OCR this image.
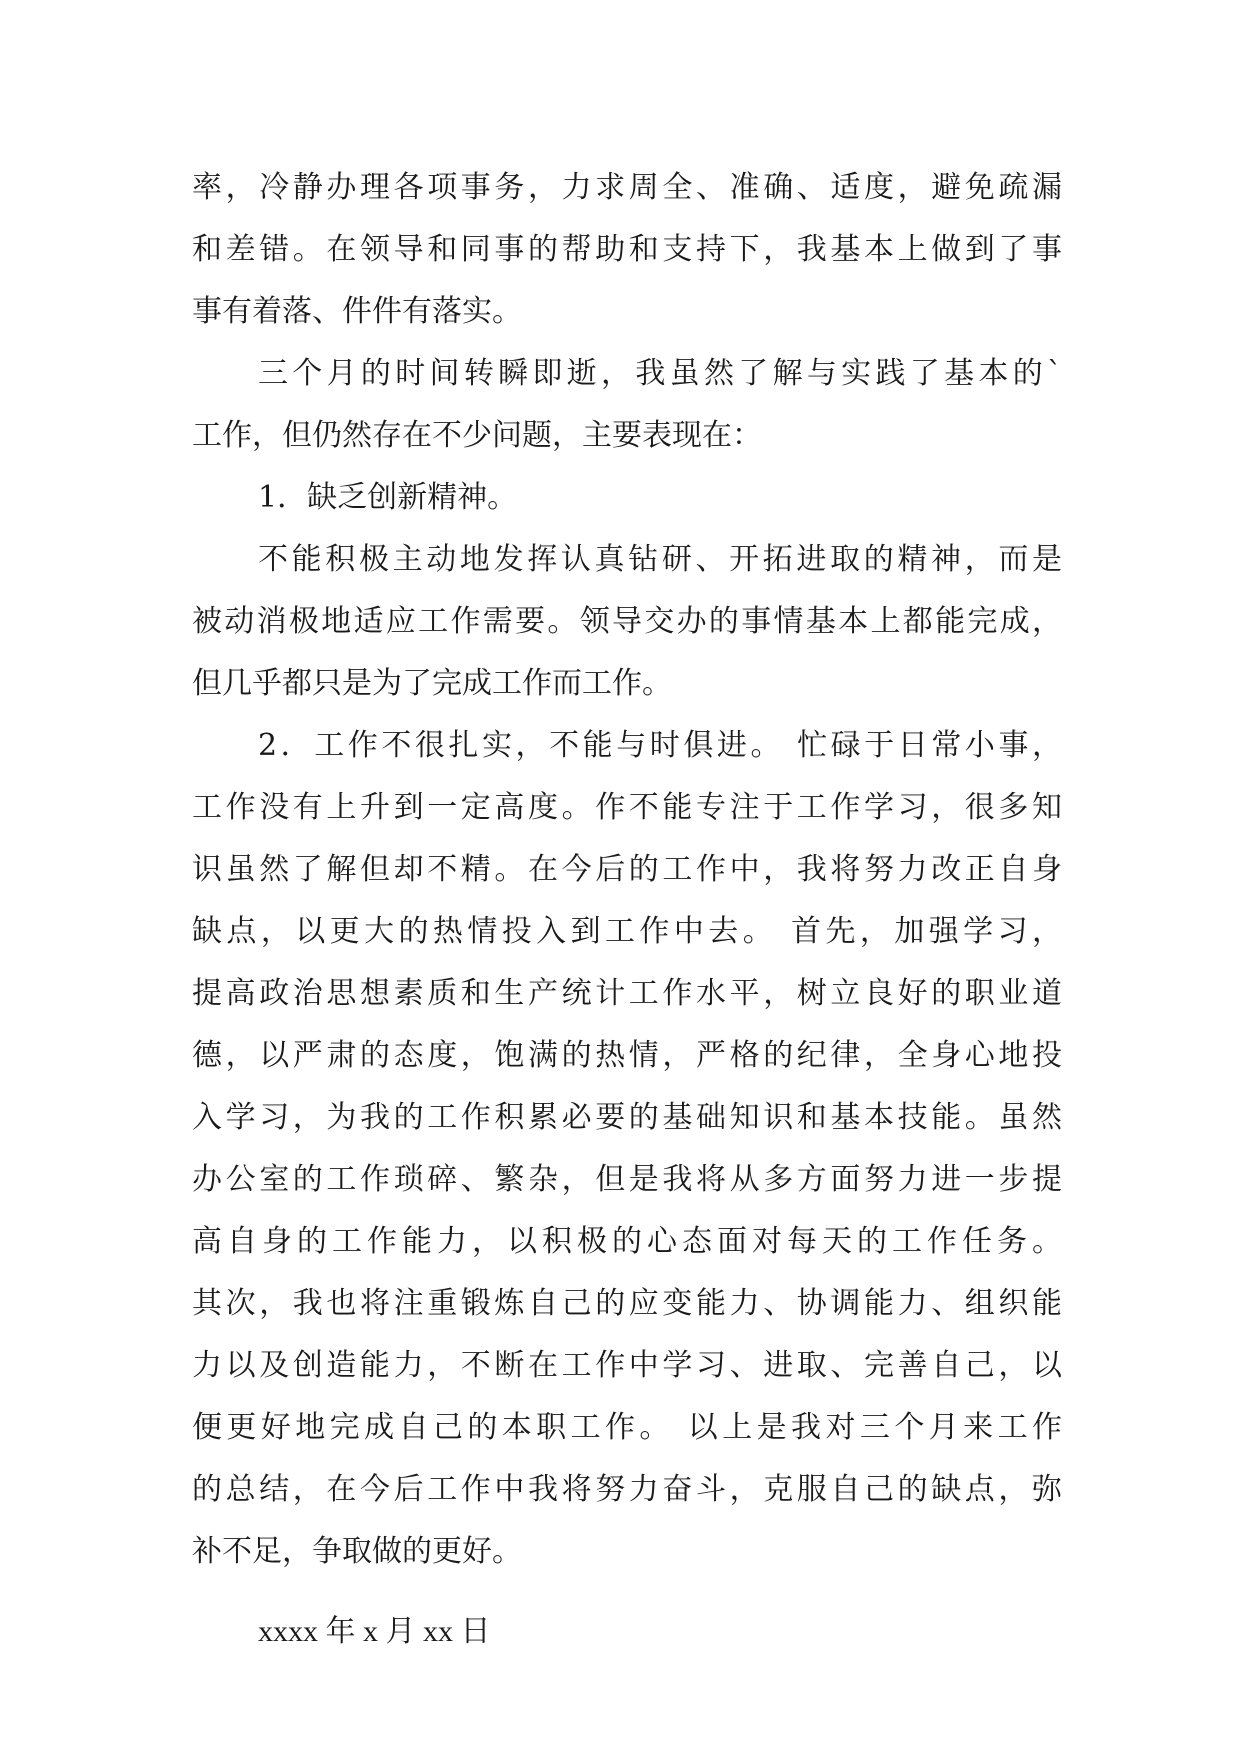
率，冷静办理各项事务，力求周全、准确、适度，避免疏漏
和差错。在领导和同事的帮助和支持下，我基本上做到了事
事有着落、件件有落实。
三个月的时间转瞬即逝，我虽然了解与实践了基本的`
工作，但仍然存在不少问题，主要表现在：
1．缺乏创新精神。
不能积极主动地发挥认真钻研、开拓进取的精神，而是
被动消极地适应工作需要。领导交办的事情基本上都能完成，
但几乎都只是为了完成工作而工作。
2．工作不很扎实，不能与时俱进。 忙碌于日常小事，
工作没有上升到一定高度。作不能专注于工作学习，很多知
识虽然了解但却不精。在今后的工作中，我将努力改正自身
缺点，以更大的热情投入到工作中去。 首先，加强学习，
提高政治思想素质和生产统计工作水平，树立良好的职业道
德，以严肃的态度，饱满的热情，严格的纪律，全身心地投
入学习，为我的工作积累必要的基础知识和基本技能。虽然
办公室的工作琐碎、繁杂，但是我将从多方面努力进一步提
高自身的工作能力，以积极的心态面对每天的工作任务。
其次，我也将注重锻炼自己的应变能力、协调能力、组织能
力以及创造能力，不断在工作中学习、进取、完善自己，以
便更好地完成自己的本职工作。 以上是我对三个月来工作
的总结，在今后工作中我将努力奋斗，克服自己的缺点，弥
补不足，争取做的更好。
xxxx 年 x 月 xx 日
